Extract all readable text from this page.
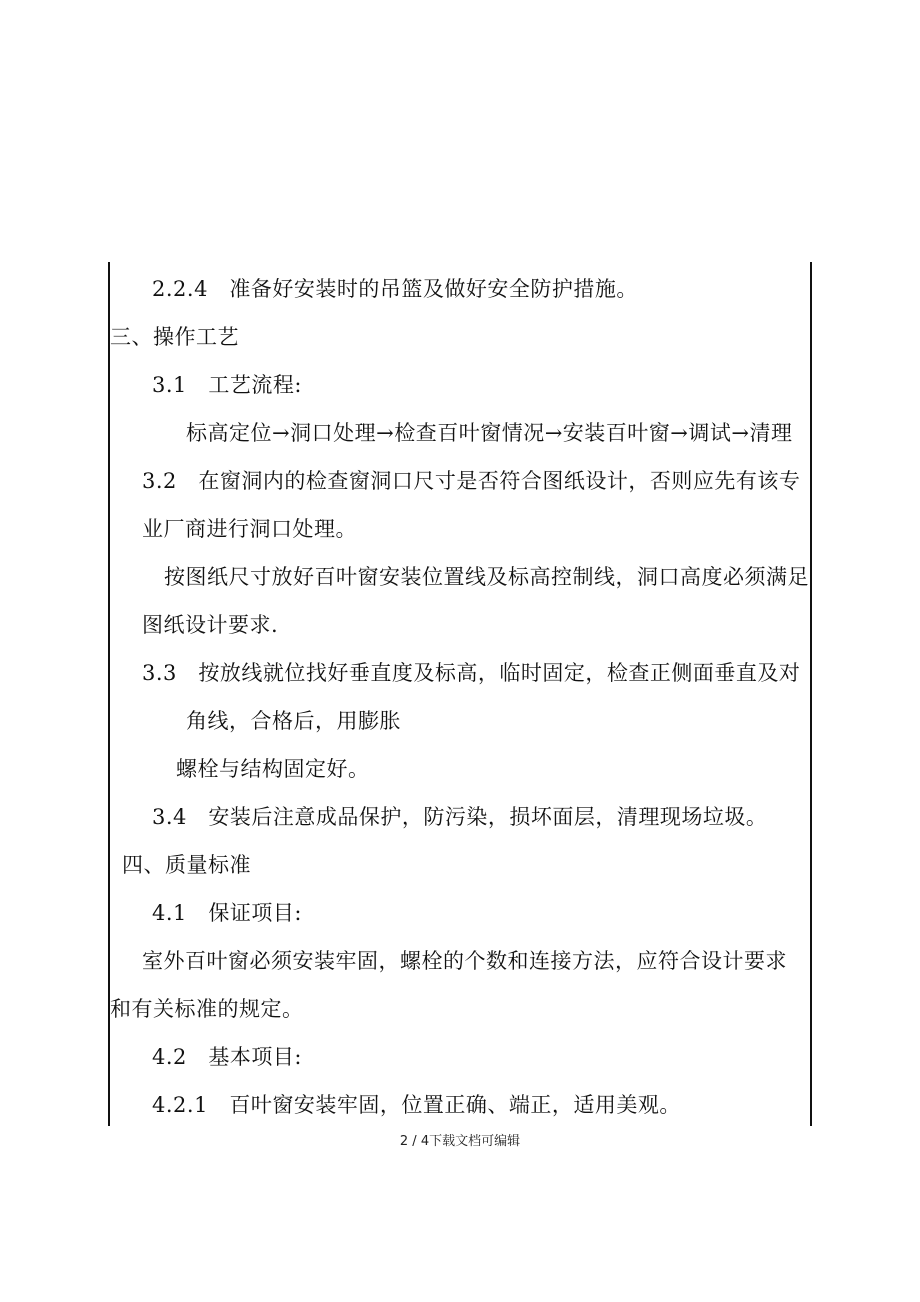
2.2.4　准备好安装时的吊篮及做好安全防护措施。
三、操作工艺
3.1　工艺流程:
标高定位→洞口处理→检查百叶窗情况→安装百叶窗→调试→清理
3.2　在窗洞内的检查窗洞口尺寸是否符合图纸设计，否则应先有该专
业厂商进行洞口处理。
按图纸尺寸放好百叶窗安装位置线及标高控制线，洞口高度必须满足
图纸设计要求.
3.3　按放线就位找好垂直度及标高，临时固定，检查正侧面垂直及对
角线，合格后，用膨胀
螺栓与结构固定好。
3.4　安装后注意成品保护，防污染，损坏面层，清理现场垃圾。
四、质量标准
4.1　保证项目:
室外百叶窗必须安装牢固，螺栓的个数和连接方法，应符合设计要求
和有关标准的规定。
4.2　基本项目:
4.2.1　百叶窗安装牢固，位置正确、端正，适用美观。
2 / 4下载文档可编辑
